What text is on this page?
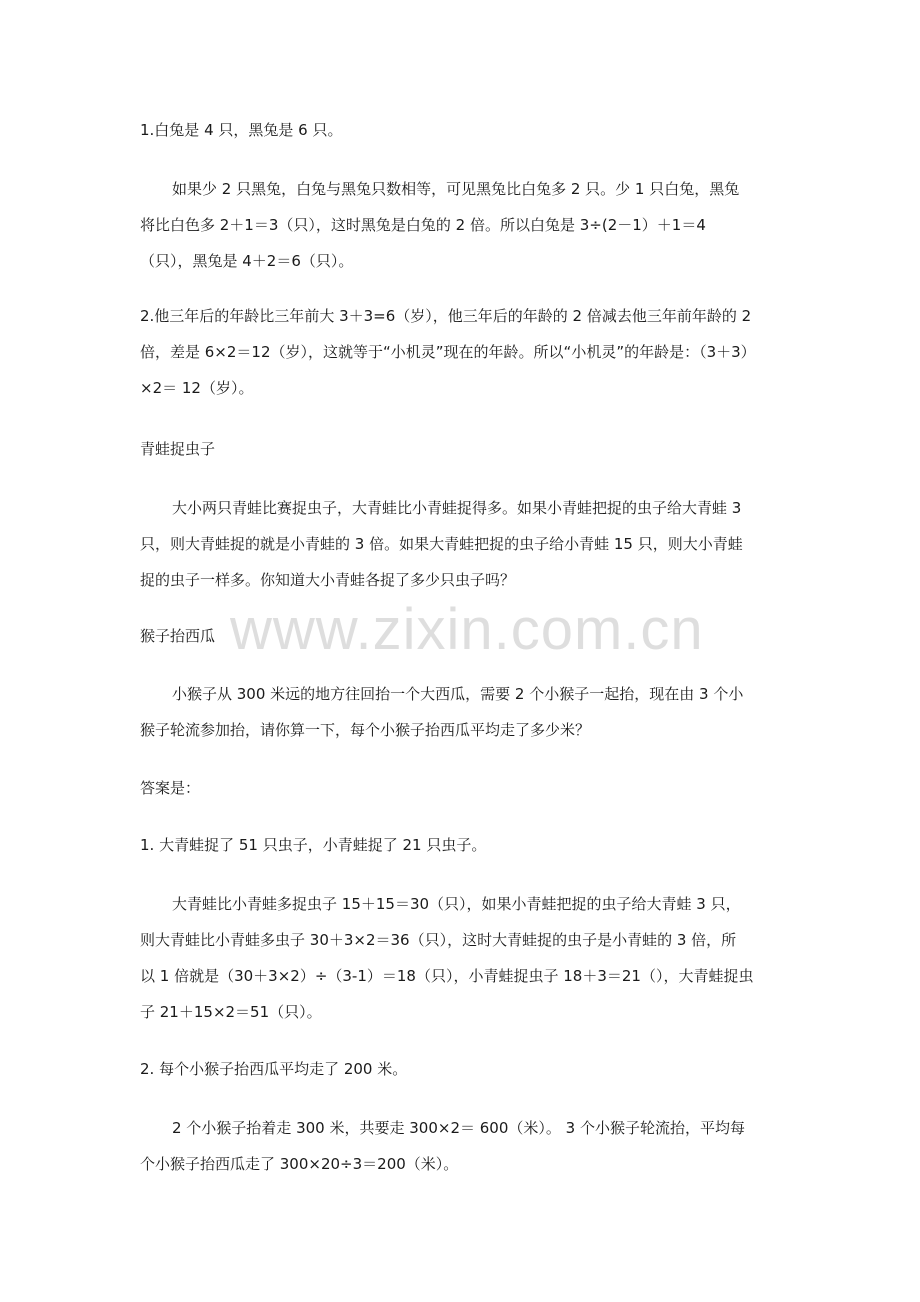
1.白兔是 4 只，黑兔是 6 只。
如果少 2 只黑兔，白兔与黑兔只数相等，可见黑兔比白兔多 2 只。少 1 只白兔，黑兔
将比白色多 2＋1＝3（只），这时黑兔是白兔的 2 倍。所以白兔是 3÷(2－1）＋1＝4
（只），黑兔是 4＋2＝6（只）。
2.他三年后的年龄比三年前大 3＋3=6（岁），他三年后的年龄的 2 倍减去他三年前年龄的 2
倍，差是 6×2＝12（岁），这就等于“小机灵”现在的年龄。所以“小机灵”的年龄是：（3＋3）
×2＝ 12（岁）。
青蛙捉虫子
大小两只青蛙比赛捉虫子，大青蛙比小青蛙捉得多。如果小青蛙把捉的虫子给大青蛙 3
只，则大青蛙捉的就是小青蛙的 3 倍。如果大青蛙把捉的虫子给小青蛙 15 只，则大小青蛙
捉的虫子一样多。你知道大小青蛙各捉了多少只虫子吗？
猴子抬西瓜
小猴子从 300 米远的地方往回抬一个大西瓜，需要 2 个小猴子一起抬，现在由 3 个小
猴子轮流参加抬，请你算一下，每个小猴子抬西瓜平均走了多少米？
答案是：
1. 大青蛙捉了 51 只虫子，小青蛙捉了 21 只虫子。
大青蛙比小青蛙多捉虫子 15＋15＝30（只），如果小青蛙把捉的虫子给大青蛙 3 只，
则大青蛙比小青蛙多虫子 30＋3×2＝36（只），这时大青蛙捉的虫子是小青蛙的 3 倍，所
以 1 倍就是（30＋3×2）÷（3-1）＝18（只），小青蛙捉虫子 18＋3＝21（），大青蛙捉虫
子 21＋15×2＝51（只）。
2. 每个小猴子抬西瓜平均走了 200 米。
2 个小猴子抬着走 300 米，共要走 300×2＝ 600（米）。 3 个小猴子轮流抬，平均每
个小猴子抬西瓜走了 300×20÷3＝200（米）。
www.zixin.com.cn
